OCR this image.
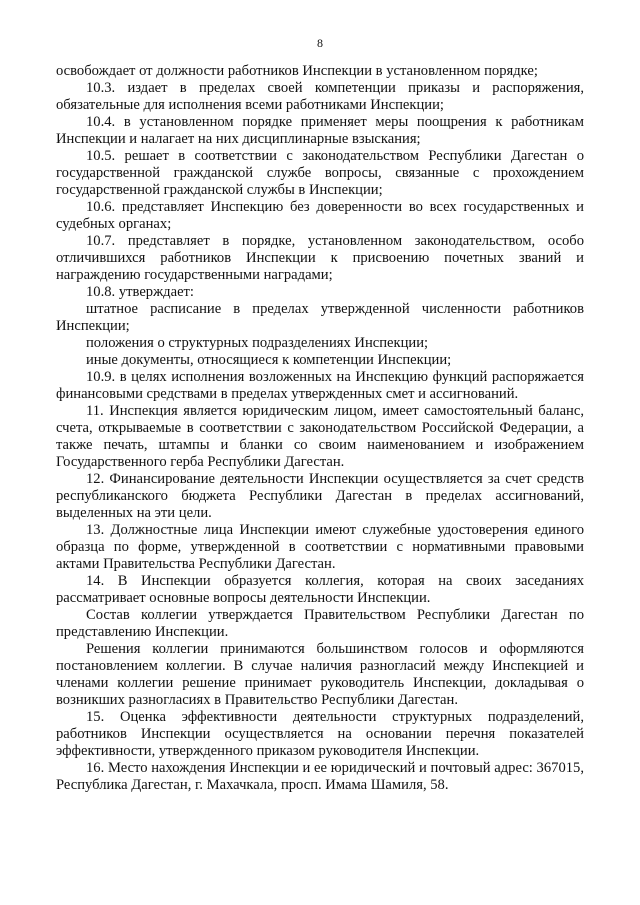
8

освобождает от должности работников Инспекции в установленном порядке;

10.3. издает в пределах своей компетенции приказы и распоряжения, обязательные для исполнения всеми работниками Инспекции;

10.4. в установленном порядке применяет меры поощрения к работникам Инспекции и налагает на них дисциплинарные взыскания;

10.5. решает в соответствии с законодательством Республики Дагестан о государственной гражданской службе вопросы, связанные с прохождением государственной гражданской службы в Инспекции;

10.6. представляет Инспекцию без доверенности во всех государственных и судебных органах;

10.7. представляет в порядке, установленном законодательством, особо отличившихся работников Инспекции к присвоению почетных званий и награждению государственными наградами;

10.8. утверждает:

штатное расписание в пределах утвержденной численности работников Инспекции;

положения о структурных подразделениях Инспекции;

иные документы, относящиеся к компетенции Инспекции;

10.9. в целях исполнения возложенных на Инспекцию функций распоряжается финансовыми средствами в пределах утвержденных смет и ассигнований.

11. Инспекция является юридическим лицом, имеет самостоятельный баланс, счета, открываемые в соответствии с законодательством Российской Федерации, а также печать, штампы и бланки со своим наименованием и изображением Государственного герба Республики Дагестан.

12. Финансирование деятельности Инспекции осуществляется за счет средств республиканского бюджета Республики Дагестан в пределах ассигнований, выделенных на эти цели.

13. Должностные лица Инспекции имеют служебные удостоверения единого образца по форме, утвержденной в соответствии с нормативными правовыми актами Правительства Республики Дагестан.

14. В Инспекции образуется коллегия, которая на своих заседаниях рассматривает основные вопросы деятельности Инспекции.

Состав коллегии утверждается Правительством Республики Дагестан по представлению Инспекции.

Решения коллегии принимаются большинством голосов и оформляются постановлением коллегии. В случае наличия разногласий между Инспекцией и членами коллегии решение принимает руководитель Инспекции, докладывая о возникших разногласиях в Правительство Республики Дагестан.

15. Оценка эффективности деятельности структурных подразделений, работников Инспекции осуществляется на основании перечня показателей эффективности, утвержденного приказом руководителя Инспекции.

16. Место нахождения Инспекции и ее юридический и почтовый адрес: 367015, Республика Дагестан, г. Махачкала, просп. Имама Шамиля, 58.
